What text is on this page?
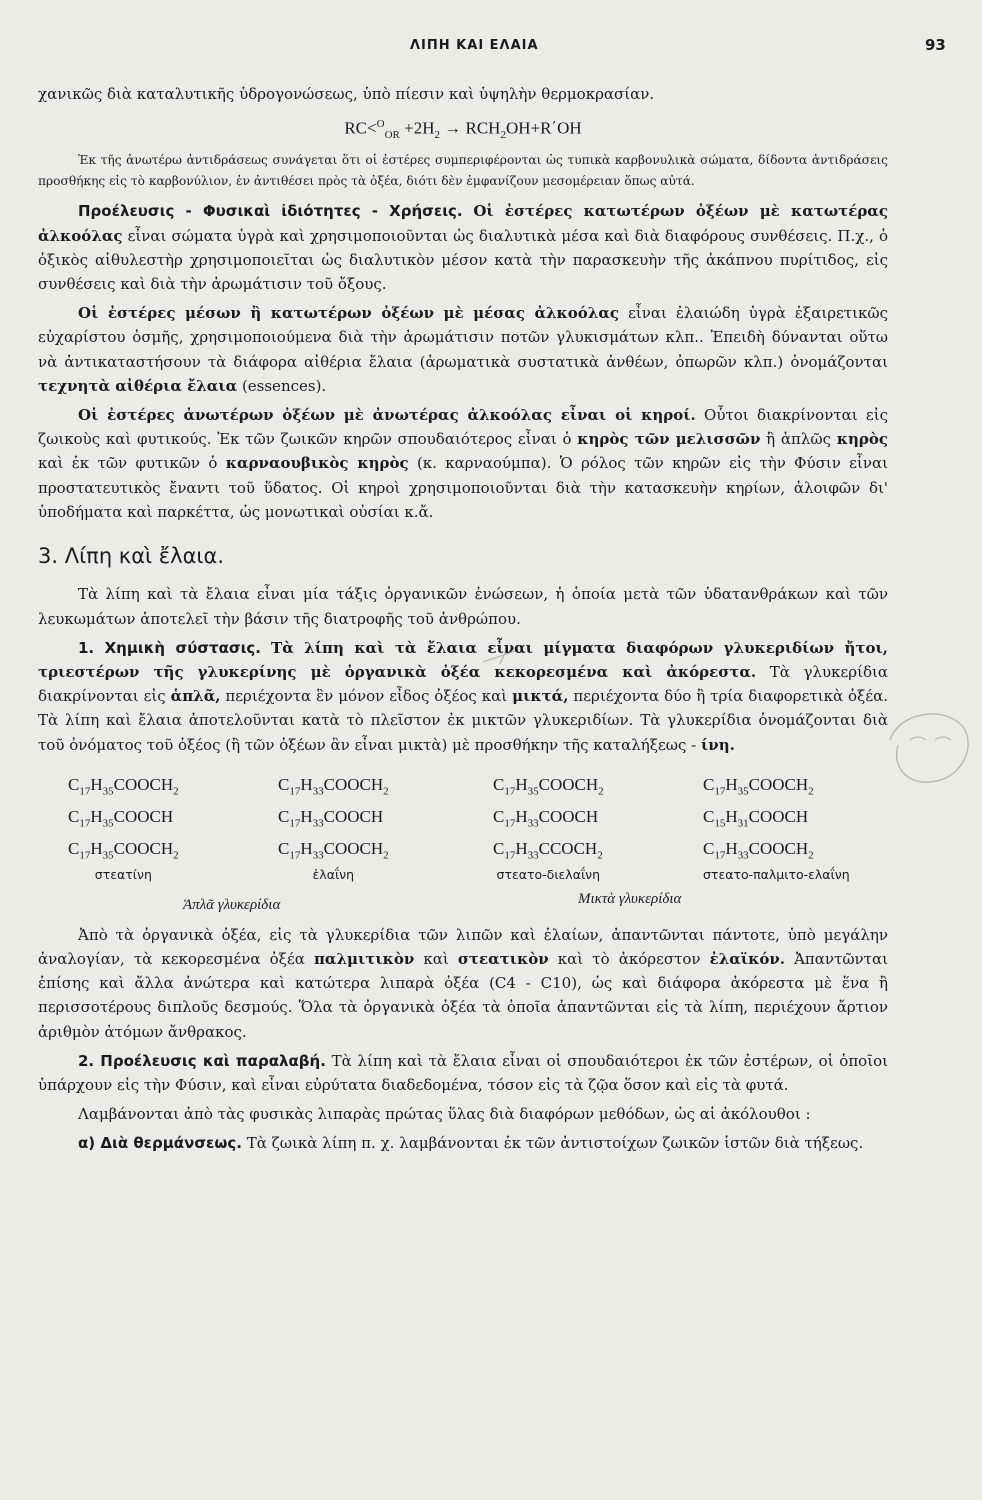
ΛΙΠΗ ΚΑΙ ΕΛΑΙΑ	93

χανικῶς διὰ καταλυτικῆς ὑδρογονώσεως, ὑπὸ πίεσιν καὶ ὑψηλὴν θερμοκρασίαν.

$RC<^O_{OR} +2H_2 \to RCH_2OH+R΄OH$

Ἐκ τῆς ἀνωτέρω ἀντιδράσεως συνάγεται ὅτι οἱ ἐστέρες συμπεριφέρονται ὡς τυπικὰ καρβονυλικὰ σώματα, δίδοντα ἀντιδράσεις προσθήκης εἰς τὸ καρβονύλιον, ἐν ἀντιθέσει πρὸς τὰ ὀξέα, διότι δὲν ἐμφανίζουν μεσομέρειαν ὅπως αὐτά.

Προέλευσις - Φυσικαὶ ἰδιότητες - Χρήσεις. Οἱ ἐστέρες κατωτέρων ὀξέων μὲ κατωτέρας ἀλκοόλας εἶναι σώματα ὑγρὰ καὶ χρησιμοποιοῦνται ὡς διαλυτικὰ μέσα καὶ διὰ διαφόρους συνθέσεις. Π.χ., ὁ ὀξικὸς αἰθυλεστὴρ χρησιμοποιεῖται ὡς διαλυτικὸν μέσον κατὰ τὴν παρασκευὴν τῆς ἀκάπνου πυρίτιδος, εἰς συνθέσεις καὶ διὰ τὴν ἀρωμάτισιν τοῦ ὄξους.

Οἱ ἐστέρες μέσων ἢ κατωτέρων ὀξέων μὲ μέσας ἀλκοόλας εἶναι ἐλαιώδη ὑγρὰ ἐξαιρετικῶς εὐχαρίστου ὀσμῆς, χρησιμοποιούμενα διὰ τὴν ἀρωμάτισιν ποτῶν γλυκισμάτων κλπ.. Ἐπειδὴ δύνανται οὕτω νὰ ἀντικαταστήσουν τὰ διάφορα αἰθέρια ἔλαια (ἀρωματικὰ συστατικὰ ἀνθέων, ὀπωρῶν κλπ.) ὀνομάζονται τεχνητὰ αἰθέρια ἔλαια (essences).

Οἱ ἐστέρες ἀνωτέρων ὀξέων μὲ ἀνωτέρας ἀλκοόλας εἶναι οἱ κηροί. Οὗτοι διακρίνονται εἰς ζωικοὺς καὶ φυτικούς. Ἐκ τῶν ζωικῶν κηρῶν σπουδαιότερος εἶναι ὁ κηρὸς τῶν μελισσῶν ἢ ἁπλῶς κηρὸς καὶ ἐκ τῶν φυτικῶν ὁ καρναουβικὸς κηρὸς (κ. καρναούμπα). Ὁ ρόλος τῶν κηρῶν εἰς τὴν Φύσιν εἶναι προστατευτικὸς ἔναντι τοῦ ὕδατος. Οἱ κηροὶ χρησιμοποιοῦνται διὰ τὴν κατασκευὴν κηρίων, ἀλοιφῶν δι' ὑποδήματα καὶ παρκέττα, ὡς μονωτικαὶ οὐσίαι κ.ἄ.

3. Λίπη καὶ ἔλαια.

Τὰ λίπη καὶ τὰ ἔλαια εἶναι μία τάξις ὀργανικῶν ἑνώσεων, ἡ ὁποία μετὰ τῶν ὑδατανθράκων καὶ τῶν λευκωμάτων ἀποτελεῖ τὴν βάσιν τῆς διατροφῆς τοῦ ἀνθρώπου.

1. Χημικὴ σύστασις. Τὰ λίπη καὶ τὰ ἔλαια εἶναι μίγματα διαφόρων γλυκεριδίων ἤτοι, τριεστέρων τῆς γλυκερίνης μὲ ὀργανικὰ ὀξέα κεκορεσμένα καὶ ἀκόρεστα. Τὰ γλυκερίδια διακρίνονται εἰς ἁπλᾶ, περιέχοντα ἓν μόνον εἶδος ὀξέος καὶ μικτά, περιέχοντα δύο ἢ τρία διαφορετικὰ ὀξέα. Τὰ λίπη καὶ ἔλαια ἀποτελοῦνται κατὰ τὸ πλεῖστον ἐκ μικτῶν γλυκεριδίων. Τὰ γλυκερίδια ὀνομάζονται διὰ τοῦ ὀνόματος τοῦ ὀξέος (ἢ τῶν ὀξέων ἂν εἶναι μικτὰ) μὲ προσθήκην τῆς καταλήξεως - ίνη.

$C_{17}H_{35}COOCH_2$
$C_{17}H_{35}COOCH$
$C_{17}H_{35}COOCH_2$
στεατίνη
$C_{17}H_{33}COOCH_2$
$C_{17}H_{33}COOCH$
$C_{17}H_{33}COOCH_2$
ἐλαΐνη
$C_{17}H_{35}COOCH_2$
$C_{17}H_{33}COOCH$
$C_{17}H_{33}CCOCH_2$
στεατο-διελαΐνη
$C_{17}H_{35}COOCH_2$
$C_{15}H_{31}COOCH$
$C_{17}H_{33}COOCH_2$
στεατο-παλμιτο-ελαΐνη
Ἁπλᾶ γλυκερίδια	Μικτὰ γλυκερίδια

Ἀπὸ τὰ ὀργανικὰ ὀξέα, εἰς τὰ γλυκερίδια τῶν λιπῶν καὶ ἐλαίων, ἀπαντῶνται πάντοτε, ὑπὸ μεγάλην ἀναλογίαν, τὰ κεκορεσμένα ὀξέα παλμιτικὸν καὶ στεατικὸν καὶ τὸ ἀκόρεστον ἐλαϊκόν. Ἀπαντῶνται ἐπίσης καὶ ἄλλα ἀνώτερα καὶ κατώτερα λιπαρὰ ὀξέα (C4 - C10), ὡς καὶ διάφορα ἀκόρεστα μὲ ἕνα ἢ περισσοτέρους διπλοῦς δεσμούς. Ὅλα τὰ ὀργανικὰ ὀξέα τὰ ὁποῖα ἀπαντῶνται εἰς τὰ λίπη, περιέχουν ἄρτιον ἀριθμὸν ἀτόμων ἄνθρακος.

2. Προέλευσις καὶ παραλαβή. Τὰ λίπη καὶ τὰ ἔλαια εἶναι οἱ σπουδαιότεροι ἐκ τῶν ἐστέρων, οἱ ὁποῖοι ὑπάρχουν εἰς τὴν Φύσιν, καὶ εἶναι εὐρύτατα διαδεδομένα, τόσον εἰς τὰ ζῷα ὅσον καὶ εἰς τὰ φυτά.

Λαμβάνονται ἀπὸ τὰς φυσικὰς λιπαρὰς πρώτας ὕλας διὰ διαφόρων μεθόδων, ὡς αἱ ἀκόλουθοι :

α) Διὰ θερμάνσεως. Τὰ ζωικὰ λίπη π. χ. λαμβάνονται ἐκ τῶν ἀντιστοίχων ζωικῶν ἱστῶν διὰ τήξεως.
